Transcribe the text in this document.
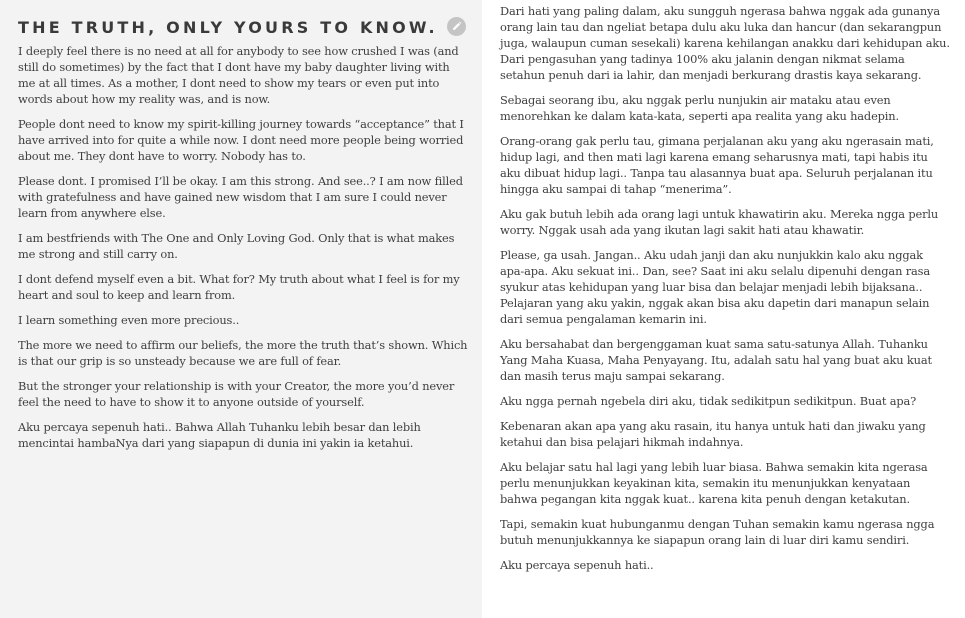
THE TRUTH, ONLY YOURS TO KNOW.

I deeply feel there is no need at all for anybody to see how crushed I was (and still do sometimes) by the fact that I dont have my baby daughter living with me at all times. As a mother, I dont need to show my tears or even put into words about how my reality was, and is now.

People dont need to know my spirit-killing journey towards “acceptance” that I have arrived into for quite a while now. I dont need more people being worried about me. They dont have to worry. Nobody has to.

Please dont. I promised I’ll be okay. I am this strong. And see..? I am now filled with gratefulness and have gained new wisdom that I am sure I could never learn from anywhere else.

I am bestfriends with The One and Only Loving God. Only that is what makes me strong and still carry on.

I dont defend myself even a bit. What for? My truth about what I feel is for my heart and soul to keep and learn from.

I learn something even more precious..

The more we need to affirm our beliefs, the more the truth that’s shown. Which is that our grip is so unsteady because we are full of fear.

But the stronger your relationship is with your Creator, the more you’d never feel the need to have to show it to anyone outside of yourself.

Aku percaya sepenuh hati.. Bahwa Allah Tuhanku lebih besar dan lebih mencintai hambaNya dari yang siapapun di dunia ini yakin ia ketahui.

Dari hati yang paling dalam, aku sungguh ngerasa bahwa nggak ada gunanya orang lain tau dan ngeliat betapa dulu aku luka dan hancur (dan sekarangpun juga, walaupun cuman sesekali) karena kehilangan anakku dari kehidupan aku. Dari pengasuhan yang tadinya 100% aku jalanin dengan nikmat selama setahun penuh dari ia lahir, dan menjadi berkurang drastis kaya sekarang.

Sebagai seorang ibu, aku nggak perlu nunjukin air mataku atau even menorehkan ke dalam kata-kata, seperti apa realita yang aku hadepin.

Orang-orang gak perlu tau, gimana perjalanan aku yang aku ngerasain mati, hidup lagi, and then mati lagi karena emang seharusnya mati, tapi habis itu aku dibuat hidup lagi.. Tanpa tau alasannya buat apa. Seluruh perjalanan itu hingga aku sampai di tahap “menerima”.

Aku gak butuh lebih ada orang lagi untuk khawatirin aku. Mereka ngga perlu worry. Nggak usah ada yang ikutan lagi sakit hati atau khawatir.

Please, ga usah. Jangan.. Aku udah janji dan aku nunjukkin kalo aku nggak apa-apa. Aku sekuat ini.. Dan, see? Saat ini aku selalu dipenuhi dengan rasa syukur atas kehidupan yang luar bisa dan belajar menjadi lebih bijaksana.. Pelajaran yang aku yakin, nggak akan bisa aku dapetin dari manapun selain dari semua pengalaman kemarin ini.

Aku bersahabat dan bergenggaman kuat sama satu-satunya Allah. Tuhanku Yang Maha Kuasa, Maha Penyayang. Itu, adalah satu hal yang buat aku kuat dan masih terus maju sampai sekarang.

Aku ngga pernah ngebela diri aku, tidak sedikitpun sedikitpun. Buat apa?

Kebenaran akan apa yang aku rasain, itu hanya untuk hati dan jiwaku yang ketahui dan bisa pelajari hikmah indahnya.

Aku belajar satu hal lagi yang lebih luar biasa. Bahwa semakin kita ngerasa perlu menunjukkan keyakinan kita, semakin itu menunjukkan kenyataan bahwa pegangan kita nggak kuat.. karena kita penuh dengan ketakutan.

Tapi, semakin kuat hubunganmu dengan Tuhan semakin kamu ngerasa ngga butuh menunjukkannya ke siapapun orang lain di luar diri kamu sendiri.

Aku percaya sepenuh hati..
